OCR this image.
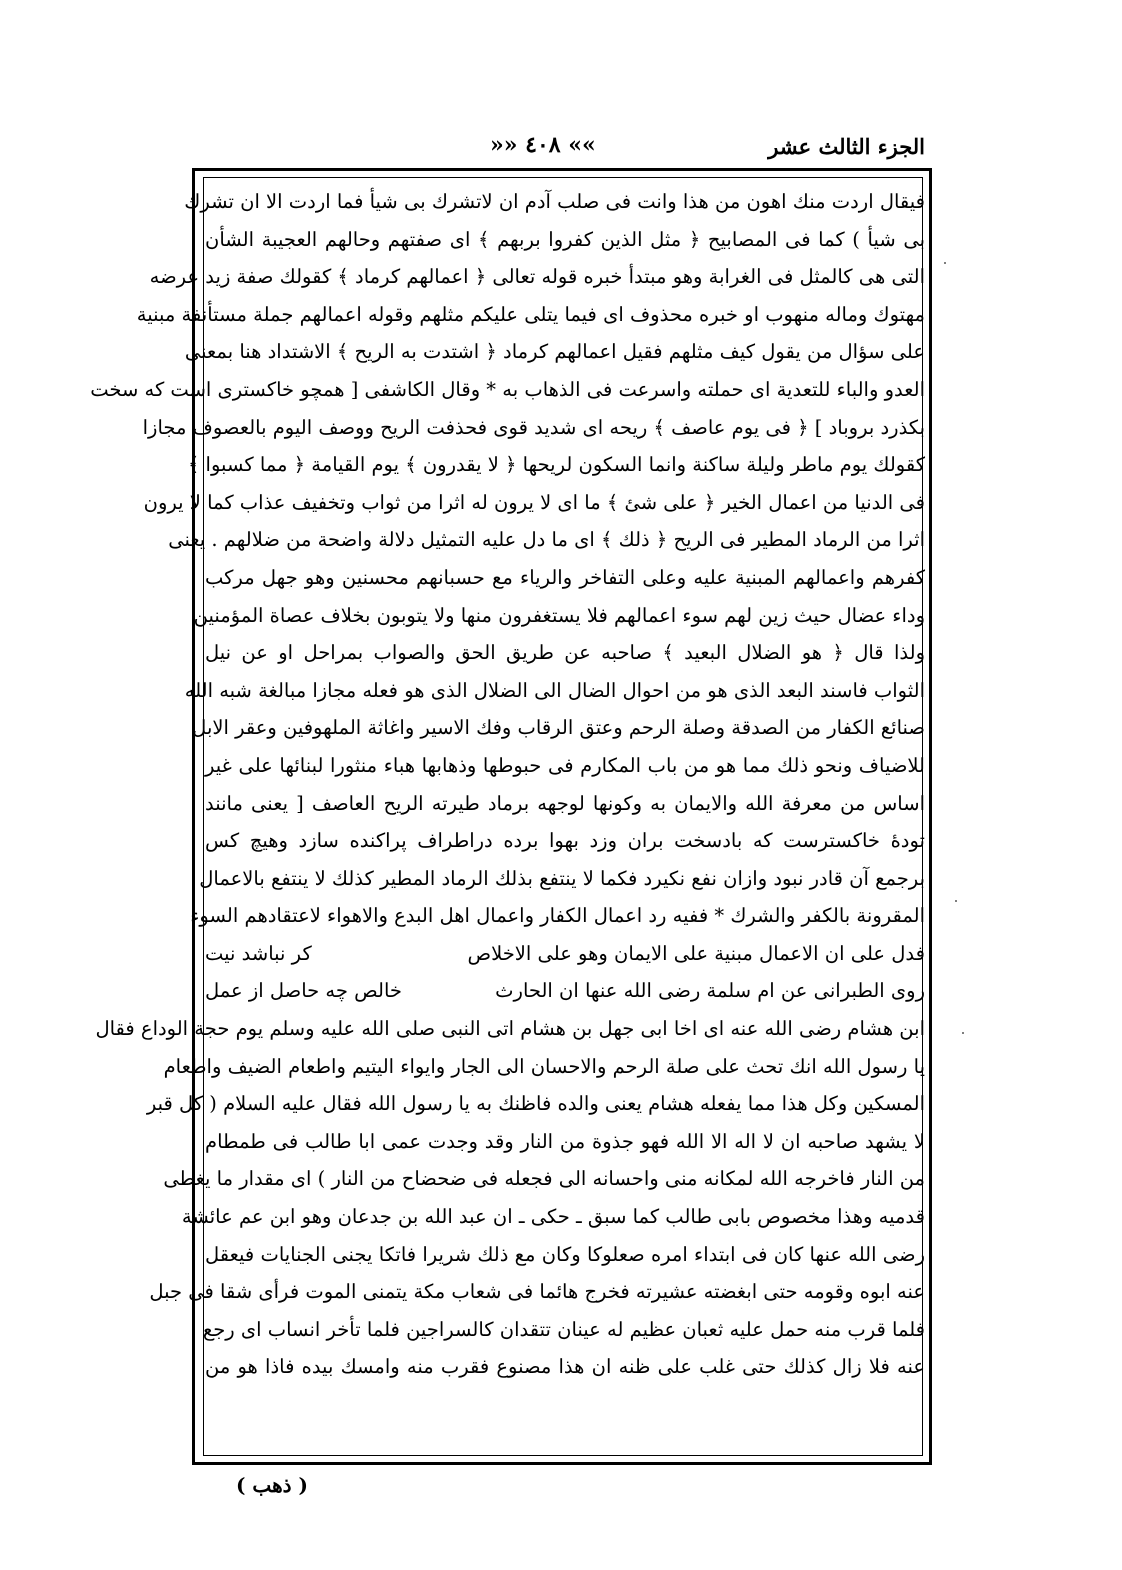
الجزء الثالث عشر
»» ٤٠٨ ««
فيقال اردت منك اهون من هذا وانت فى صلب آدم ان لاتشرك بى شيأ فما اردت الا ان تشرك
بى شيأ ) كما فى المصابيح ﴿ مثل الذين كفروا بربهم ﴾ اى صفتهم وحالهم العجيبة الشأن
التى هى كالمثل فى الغرابة وهو مبتدأ خبره قوله تعالى ﴿ اعمالهم كرماد ﴾ كقولك صفة زيد عرضه
مهتوك وماله منهوب او خبره محذوف اى فيما يتلى عليكم مثلهم وقوله اعمالهم جملة مستأنفة مبنية
على سؤال من يقول كيف مثلهم فقيل اعمالهم كرماد ﴿ اشتدت به الريح ﴾ الاشتداد هنا بمعنى
العدو والباء للتعدية اى حملته واسرعت فى الذهاب به * وقال الكاشفى [ همچو خاكسترى است كه سخت
بكذرد بروباد ] ﴿ فى يوم عاصف ﴾ ريحه اى شديد قوى فحذفت الريح ووصف اليوم بالعصوف مجازا
كقولك يوم ماطر وليلة ساكنة وانما السكون لريحها ﴿ لا يقدرون ﴾ يوم القيامة ﴿ مما كسبوا ﴾
فى الدنيا من اعمال الخير ﴿ على شئ ﴾ ما اى لا يرون له اثرا من ثواب وتخفيف عذاب كما لا يرون
اثرا من الرماد المطير فى الريح ﴿ ذلك ﴾ اى ما دل عليه التمثيل دلالة واضحة من ضلالهم . يعنى
كفرهم واعمالهم المبنية عليه وعلى التفاخر والرياء مع حسبانهم محسنين وهو جهل مركب
وداء عضال حيث زين لهم سوء اعمالهم فلا يستغفرون منها ولا يتوبون بخلاف عصاة المؤمنين
ولذا قال ﴿ هو الضلال البعيد ﴾ صاحبه عن طريق الحق والصواب بمراحل او عن نيل
الثواب فاسند البعد الذى هو من احوال الضال الى الضلال الذى هو فعله مجازا مبالغة شبه الله
صنائع الكفار من الصدقة وصلة الرحم وعتق الرقاب وفك الاسير واغاثة الملهوفين وعقر الابل
للاضياف ونحو ذلك مما هو من باب المكارم فى حبوطها وذهابها هباء منثورا لبنائها على غير
اساس من معرفة الله والايمان به وكونها لوجهه برماد طيرته الريح العاصف [ يعنى مانند
تودهٔ خاكسترست كه بادسخت بران وزد بهوا برده دراطراف پراكنده سازد وهيچ كس
برجمع آن قادر نبود وازان نفع نكيرد فكما لا ينتفع بذلك الرماد المطير كذلك لا ينتفع بالاعمال
المقرونة بالكفر والشرك * ففيه رد اعمال الكفار واعمال اهل البدع والاهواء لاعتقادهم السوء
فدل على ان الاعمال مبنية على الايمان وهو على الاخلاص
كر نباشد نيت
روى الطبرانى عن ام سلمة رضى الله عنها ان الحارث
خالص چه حاصل از عمل
ابن هشام رضى الله عنه اى اخا ابى جهل بن هشام اتى النبى صلى الله عليه وسلم يوم حجة الوداع فقال
يا رسول الله انك تحث على صلة الرحم والاحسان الى الجار وايواء اليتيم واطعام الضيف واطعام
المسكين وكل هذا مما يفعله هشام يعنى والده فاظنك به يا رسول الله فقال عليه السلام ( كل قبر
لا يشهد صاحبه ان لا اله الا الله فهو جذوة من النار وقد وجدت عمى ابا طالب فى طمطام
من النار فاخرجه الله لمكانه منى واحسانه الى فجعله فى ضحضاح من النار ) اى مقدار ما يغطى
قدميه وهذا مخصوص بابى طالب كما سبق ـ حكى ـ ان عبد الله بن جدعان وهو ابن عم عائشة
رضى الله عنها كان فى ابتداء امره صعلوكا وكان مع ذلك شريرا فاتكا يجنى الجنايات فيعقل
عنه ابوه وقومه حتى ابغضته عشيرته فخرج هائما فى شعاب مكة يتمنى الموت فرأى شقا فى جبل
فلما قرب منه حمل عليه ثعبان عظيم له عينان تتقدان كالسراجين فلما تأخر انساب اى رجع
عنه فلا زال كذلك حتى غلب على ظنه ان هذا مصنوع فقرب منه وامسك بيده فاذا هو من
( ذهب )
